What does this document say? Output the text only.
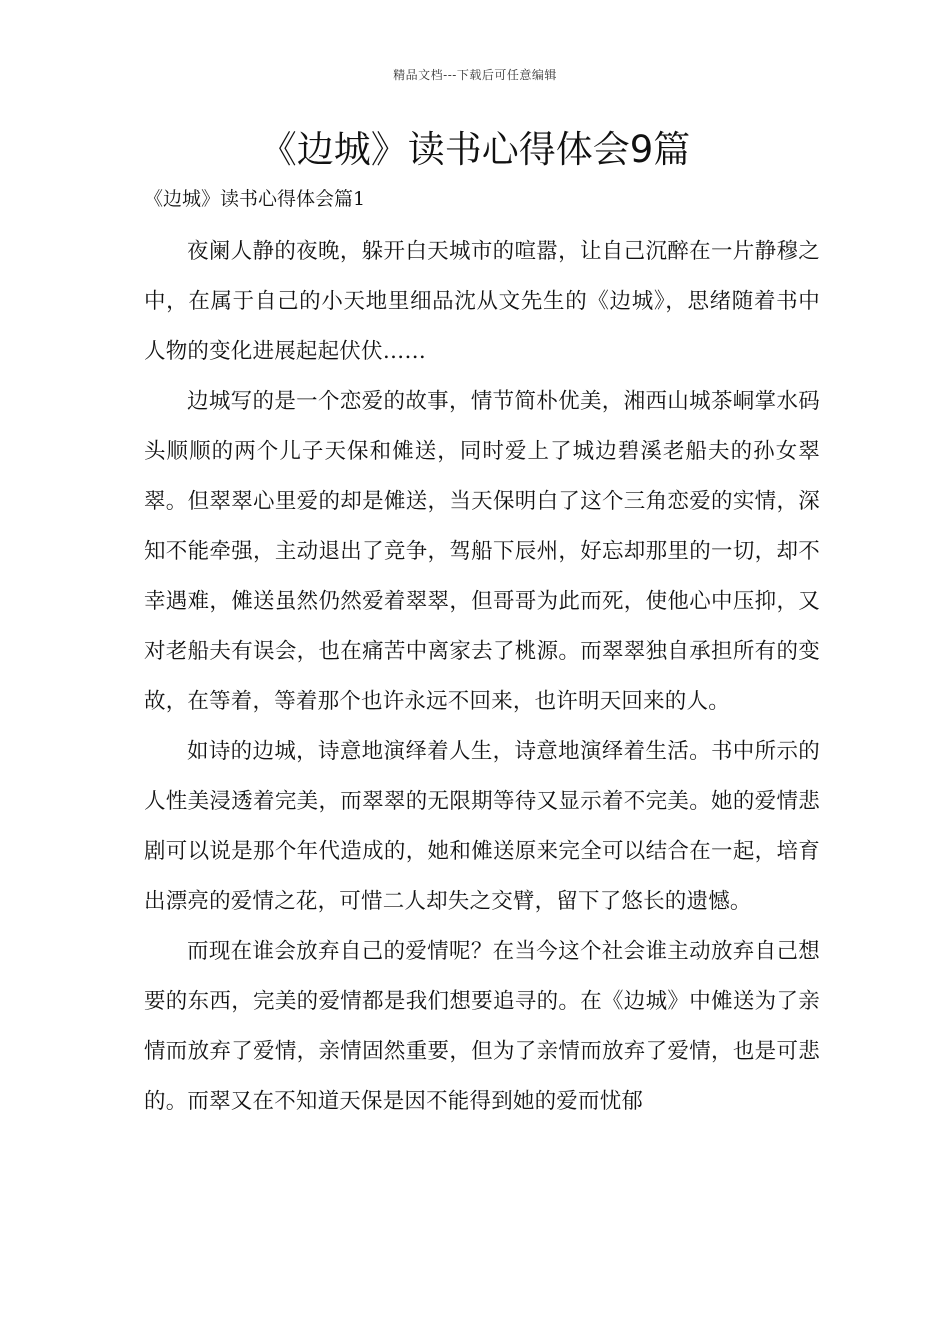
精品文档---下载后可任意编辑
《边城》读书心得体会9篇
《边城》读书心得体会篇1

夜阑人静的夜晚，躲开白天城市的喧嚣，让自己沉醉在一片静穆之中，在属于自己的小天地里细品沈从文先生的《边城》，思绪随着书中人物的变化进展起起伏伏……

边城写的是一个恋爱的故事，情节简朴优美，湘西山城茶峒掌水码头顺顺的两个儿子天保和傩送，同时爱上了城边碧溪老船夫的孙女翠翠。但翠翠心里爱的却是傩送，当天保明白了这个三角恋爱的实情，深知不能牵强，主动退出了竞争，驾船下辰州，好忘却那里的一切，却不幸遇难，傩送虽然仍然爱着翠翠，但哥哥为此而死，使他心中压抑，又对老船夫有误会，也在痛苦中离家去了桃源。而翠翠独自承担所有的变故，在等着，等着那个也许永远不回来，也许明天回来的人。

如诗的边城，诗意地演绎着人生，诗意地演绎着生活。书中所示的人性美浸透着完美，而翠翠的无限期等待又显示着不完美。她的爱情悲剧可以说是那个年代造成的，她和傩送原来完全可以结合在一起，培育出漂亮的爱情之花，可惜二人却失之交臂，留下了悠长的遗憾。

而现在谁会放弃自己的爱情呢？在当今这个社会谁主动放弃自己想要的东西，完美的爱情都是我们想要追寻的。在《边城》中傩送为了亲情而放弃了爱情，亲情固然重要，但为了亲情而放弃了爱情，也是可悲的。而翠又在不知道天保是因不能得到她的爱而忧郁
